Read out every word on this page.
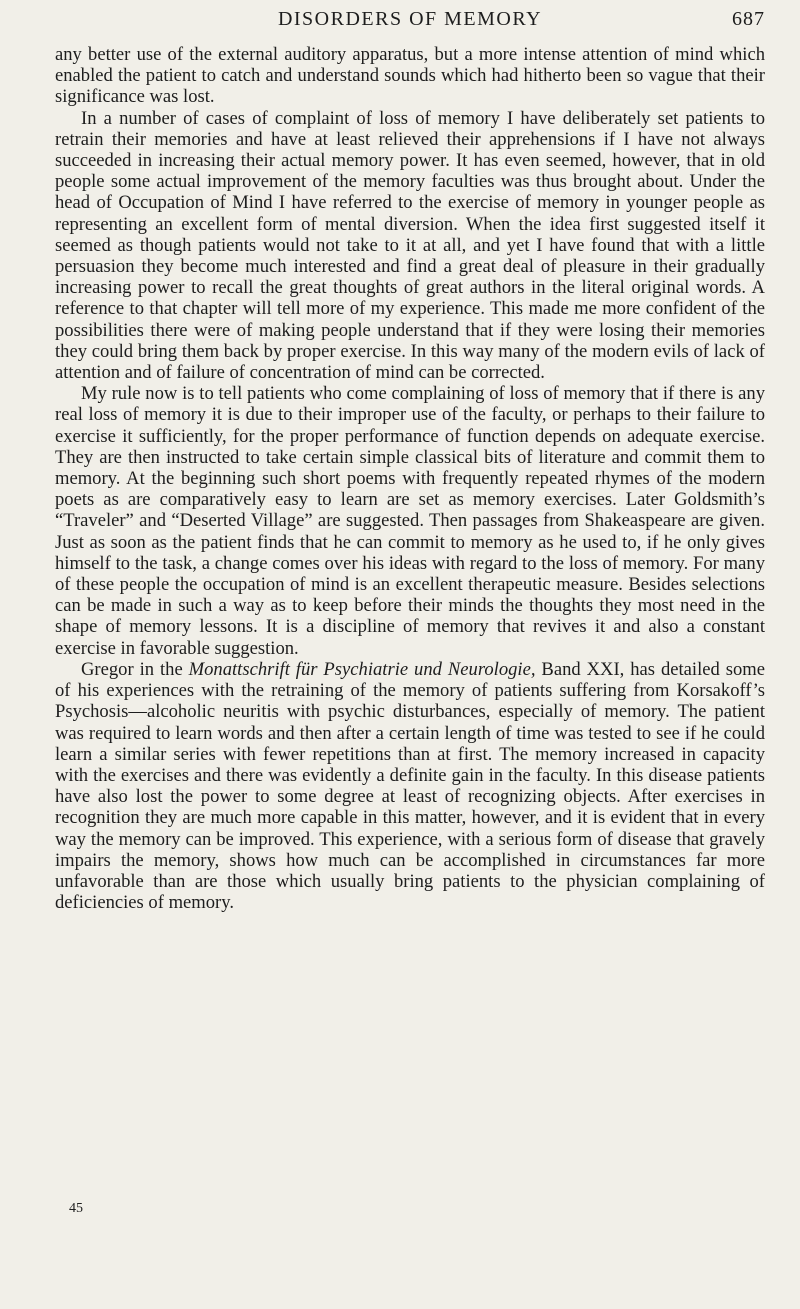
DISORDERS OF MEMORY	687

any better use of the external auditory apparatus, but a more intense attention of mind which enabled the patient to catch and understand sounds which had hitherto been so vague that their significance was lost.

In a number of cases of complaint of loss of memory I have deliberately set patients to retrain their memories and have at least relieved their apprehensions if I have not always succeeded in increasing their actual memory power. It has even seemed, however, that in old people some actual improvement of the memory faculties was thus brought about. Under the head of Occupation of Mind I have referred to the exercise of memory in younger people as representing an excellent form of mental diversion. When the idea first suggested itself it seemed as though patients would not take to it at all, and yet I have found that with a little persuasion they become much interested and find a great deal of pleasure in their gradually increasing power to recall the great thoughts of great authors in the literal original words. A reference to that chapter will tell more of my experience. This made me more confident of the possibilities there were of making people understand that if they were losing their memories they could bring them back by proper exercise. In this way many of the modern evils of lack of attention and of failure of concentration of mind can be corrected.

My rule now is to tell patients who come complaining of loss of memory that if there is any real loss of memory it is due to their improper use of the faculty, or perhaps to their failure to exercise it sufficiently, for the proper performance of function depends on adequate exercise. They are then instructed to take certain simple classical bits of literature and commit them to memory. At the beginning such short poems with frequently repeated rhymes of the modern poets as are comparatively easy to learn are set as memory exercises. Later Goldsmith’s “Traveler” and “Deserted Village” are suggested. Then passages from Shakeaspeare are given. Just as soon as the patient finds that he can commit to memory as he used to, if he only gives himself to the task, a change comes over his ideas with regard to the loss of memory. For many of these people the occupation of mind is an excellent therapeutic measure. Besides selections can be made in such a way as to keep before their minds the thoughts they most need in the shape of memory lessons. It is a discipline of memory that revives it and also a constant exercise in favorable suggestion.

Gregor in the Monattschrift für Psychiatrie und Neurologie, Band XXI, has detailed some of his experiences with the retraining of the memory of patients suffering from Korsakoff’s Psychosis—alcoholic neuritis with psychic disturbances, especially of memory. The patient was required to learn words and then after a certain length of time was tested to see if he could learn a similar series with fewer repetitions than at first. The memory increased in capacity with the exercises and there was evidently a definite gain in the faculty. In this disease patients have also lost the power to some degree at least of recognizing objects. After exercises in recognition they are much more capable in this matter, however, and it is evident that in every way the memory can be improved. This experience, with a serious form of disease that gravely impairs the memory, shows how much can be accomplished in circumstances far more unfavorable than are those which usually bring patients to the physician complaining of deficiencies of memory.

45
